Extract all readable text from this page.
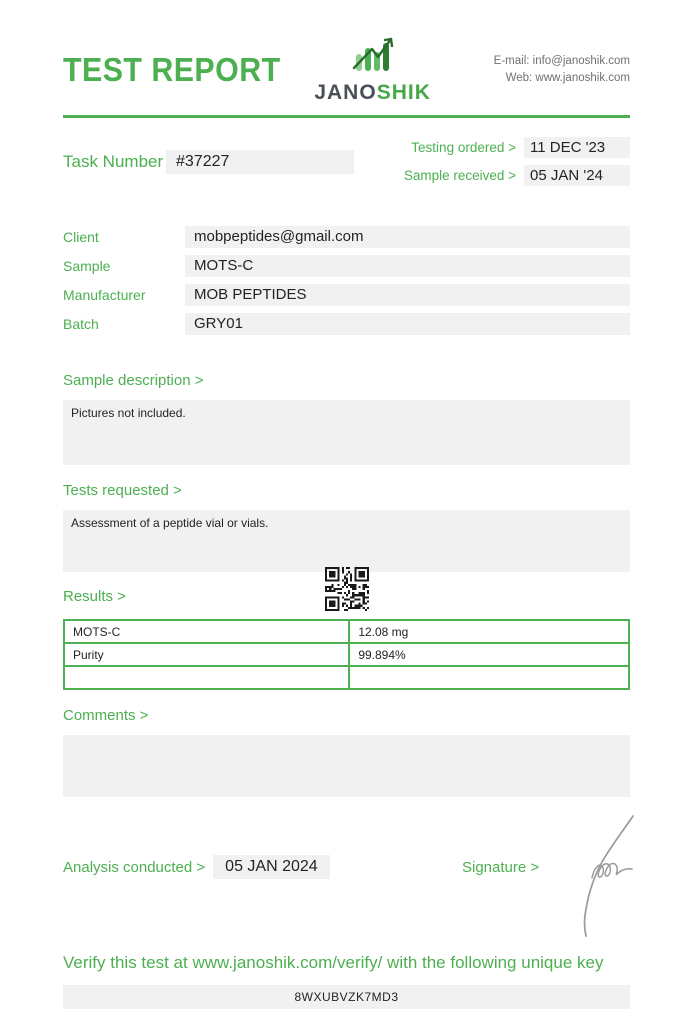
TEST REPORT
JANOSHIK
E-mail: info@janoshik.com
Web: www.janoshik.com
Task Number #37227
Testing ordered > 11 DEC '23
Sample received > 05 JAN '24
Client	mobpeptides@gmail.com
Sample	MOTS-C
Manufacturer	MOB PEPTIDES
Batch	GRY01
Sample description >
Pictures not included.
Tests requested >
Assessment of a peptide vial or vials.
Results >
MOTS-C	12.08 mg
Purity	99.894%

Comments >
Analysis conducted >	05 JAN 2024	Signature >
Verify this test at www.janoshik.com/verify/ with the following unique key
8WXUBVZK7MD3
